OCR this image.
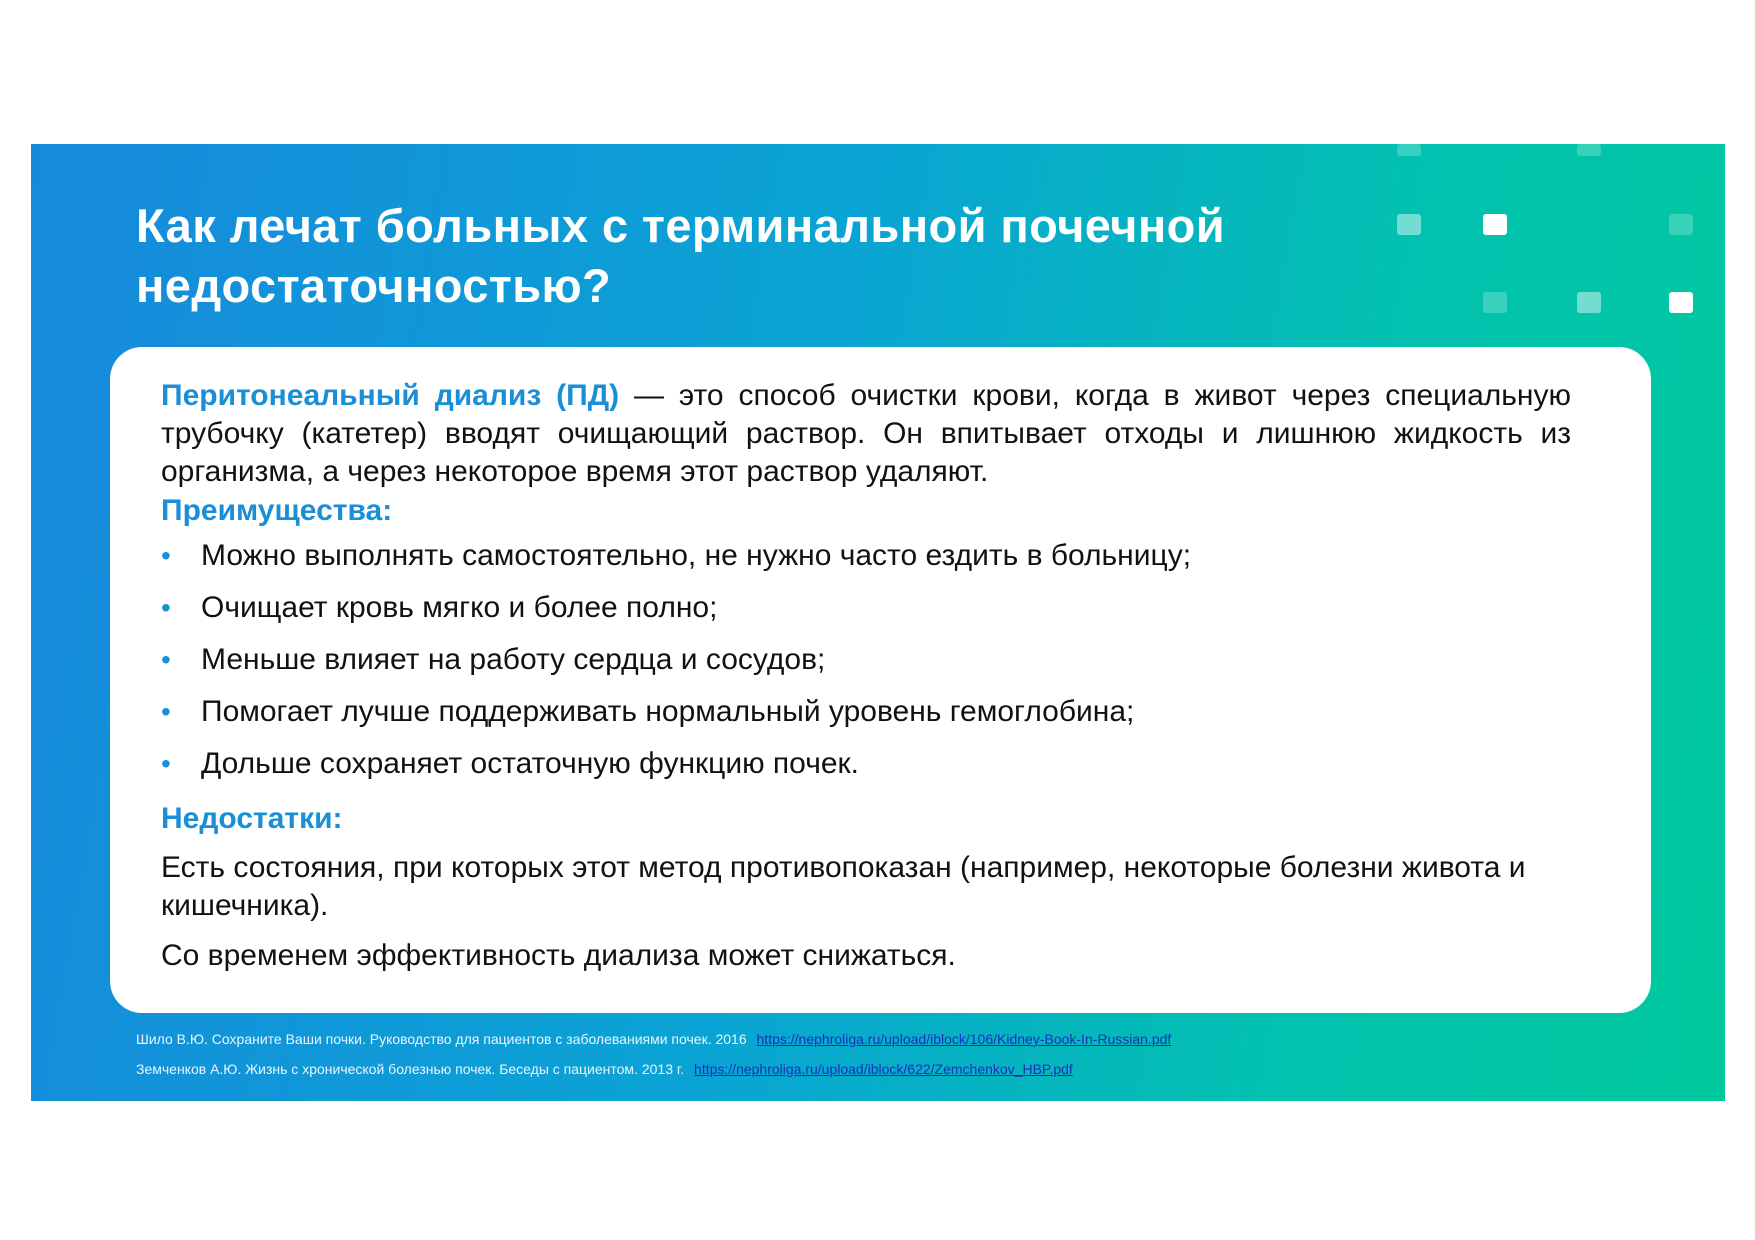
Как лечат больных с терминальной почечной
недостаточностью?

Перитонеальный диализ (ПД) — это способ очистки крови, когда в живот через специальную трубочку (катетер) вводят очищающий раствор. Он впитывает отходы и лишнюю жидкость из организма, а через некоторое время этот раствор удаляют.

Преимущества:

• Можно выполнять самостоятельно, не нужно часто ездить в больницу;
• Очищает кровь мягко и более полно;
• Меньше влияет на работу сердца и сосудов;
• Помогает лучше поддерживать нормальный уровень гемоглобина;
• Дольше сохраняет остаточную функцию почек.

Недостатки:

Есть состояния, при которых этот метод противопоказан (например, некоторые болезни живота и кишечника).

Со временем эффективность диализа может снижаться.

Шило В.Ю. Сохраните Ваши почки. Руководство для пациентов с заболеваниями почек. 2016 https://nephroliga.ru/upload/iblock/106/Kidney-Book-In-Russian.pdf
Земченков А.Ю. Жизнь с хронической болезнью почек. Беседы с пациентом. 2013 г. https://nephroliga.ru/upload/iblock/622/Zemchenkov_HBP.pdf
